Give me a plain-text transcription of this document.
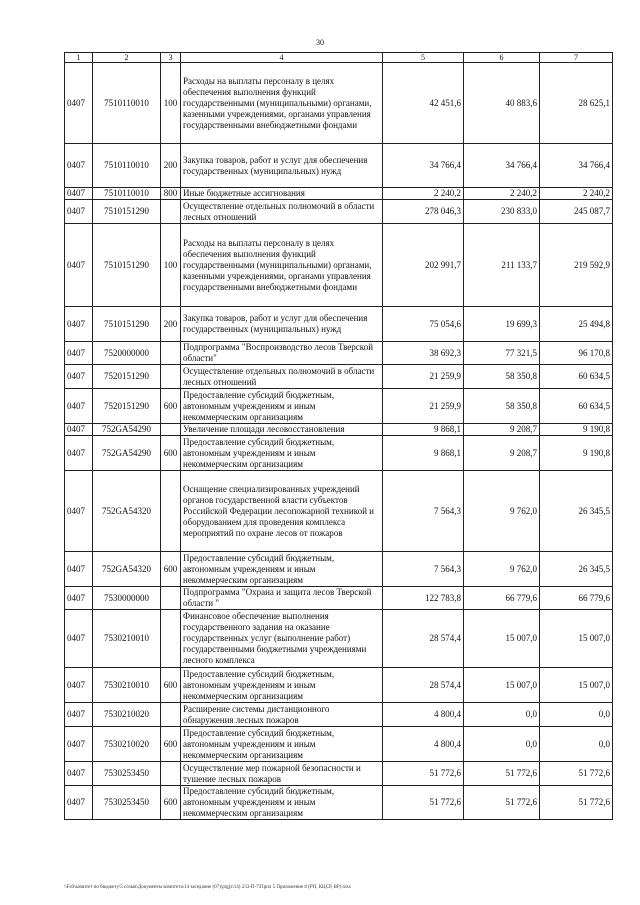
30
1	2	3	4	5	6	7
0407	7510110010	100	Расходы на выплаты персоналу в целях обеспечения выполнения функций государственными (муниципальными) органами, казенными учреждениями, органами управления государственными внебюджетными фондами	42 451,6	40 883,6	28 625,1
0407	7510110010	200	Закупка товаров, работ и услуг для обеспечения государственных (муниципальных) нужд	34 766,4	34 766,4	34 766,4
0407	7510110010	800	Иные бюджетные ассигнования	2 240,2	2 240,2	2 240,2
0407	7510151290		Осуществление отдельных полномочий в области лесных отношений	278 046,3	230 833,0	245 087,7
0407	7510151290	100	Расходы на выплаты персоналу в целях обеспечения выполнения функций государственными (муниципальными) органами, казенными учреждениями, органами управления государственными внебюджетными фондами	202 991,7	211 133,7	219 592,9
0407	7510151290	200	Закупка товаров, работ и услуг для обеспечения государственных (муниципальных) нужд	75 054,6	19 699,3	25 494,8
0407	7520000000		Подпрограмма "Воспроизводство лесов Тверской области"	38 692,3	77 321,5	96 170,8
0407	7520151290		Осуществление отдельных полномочий в области лесных отношений	21 259,9	58 350,8	60 634,5
0407	7520151290	600	Предоставление субсидий бюджетным, автономным учреждениям и иным некоммерческим организациям	21 259,9	58 350,8	60 634,5
0407	752GA54290		Увеличение площади лесовосстановления	9 868,1	9 208,7	9 190,8
0407	752GA54290	600	Предоставление субсидий бюджетным, автономным учреждениям и иным некоммерческим организациям	9 868,1	9 208,7	9 190,8
0407	752GA54320		Оснащение специализированных учреждений органов государственной власти субъектов Российской Федерации лесопожарной техникой и оборудованием для проведения комплекса мероприятий по охране лесов от пожаров	7 564,3	9 762,0	26 345,5
0407	752GA54320	600	Предоставление субсидий бюджетным, автономным учреждениям и иным некоммерческим организациям	7 564,3	9 762,0	26 345,5
0407	7530000000		Подпрограмма "Охрана и защита лесов Тверской области "	122 783,8	66 779,6	66 779,6
0407	7530210010		Финансовое обеспечение выполнения государственного задания на оказание государственных услуг (выполнение работ) государственными бюджетными учреждениями лесного комплекса	28 574,4	15 007,0	15 007,0
0407	7530210010	600	Предоставление субсидий бюджетным, автономным учреждениям и иным некоммерческим организациям	28 574,4	15 007,0	15 007,0
0407	7530210020		Расширение системы дистанционного обнаружения лесных пожаров	4 800,4	0,0	0,0
0407	7530210020	600	Предоставление субсидий бюджетным, автономным учреждениям и иным некоммерческим организациям	4 800,4	0,0	0,0
0407	7530253450		Осуществление мер пожарной безопасности и тушение лесных пожаров	51 772,6	51 772,6	51 772,6
0407	7530253450	600	Предоставление субсидий бюджетным, автономным учреждениям и иным некоммерческим организациям	51 772,6	51 772,6	51 772,6
\\Fs0\комитет по бюджету\5 созыв\Документы комитета\14 заседание (07)\prgjz\14) 233-П-7\Прил 5 Приложение 8 (РП, КЦСР, ВР).xlsx
